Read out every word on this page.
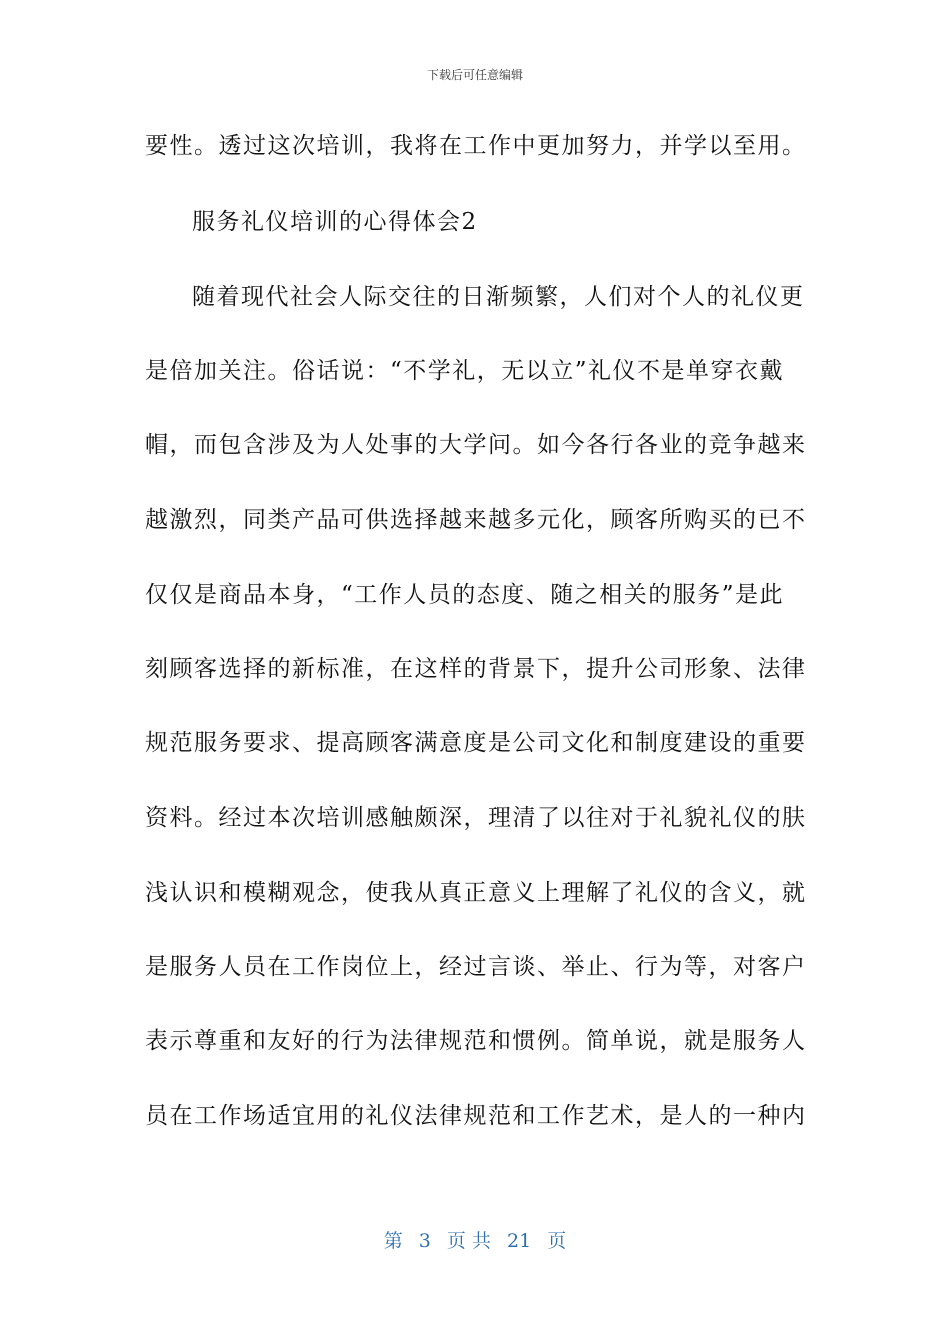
下载后可任意编辑
要性。透过这次培训，我将在工作中更加努力，并学以至用。
服务礼仪培训的心得体会2
随着现代社会人际交往的日渐频繁，人们对个人的礼仪更
是倍加关注。俗话说：“不学礼，无以立”礼仪不是单穿衣戴
帽，而包含涉及为人处事的大学问。如今各行各业的竞争越来
越激烈，同类产品可供选择越来越多元化，顾客所购买的已不
仅仅是商品本身，“工作人员的态度、随之相关的服务”是此
刻顾客选择的新标准，在这样的背景下，提升公司形象、法律
规范服务要求、提高顾客满意度是公司文化和制度建设的重要
资料。经过本次培训感触颇深，理清了以往对于礼貌礼仪的肤
浅认识和模糊观念，使我从真正意义上理解了礼仪的含义，就
是服务人员在工作岗位上，经过言谈、举止、行为等，对客户
表示尊重和友好的行为法律规范和惯例。简单说，就是服务人
员在工作场适宜用的礼仪法律规范和工作艺术，是人的一种内
第 3 页 共 21 页
